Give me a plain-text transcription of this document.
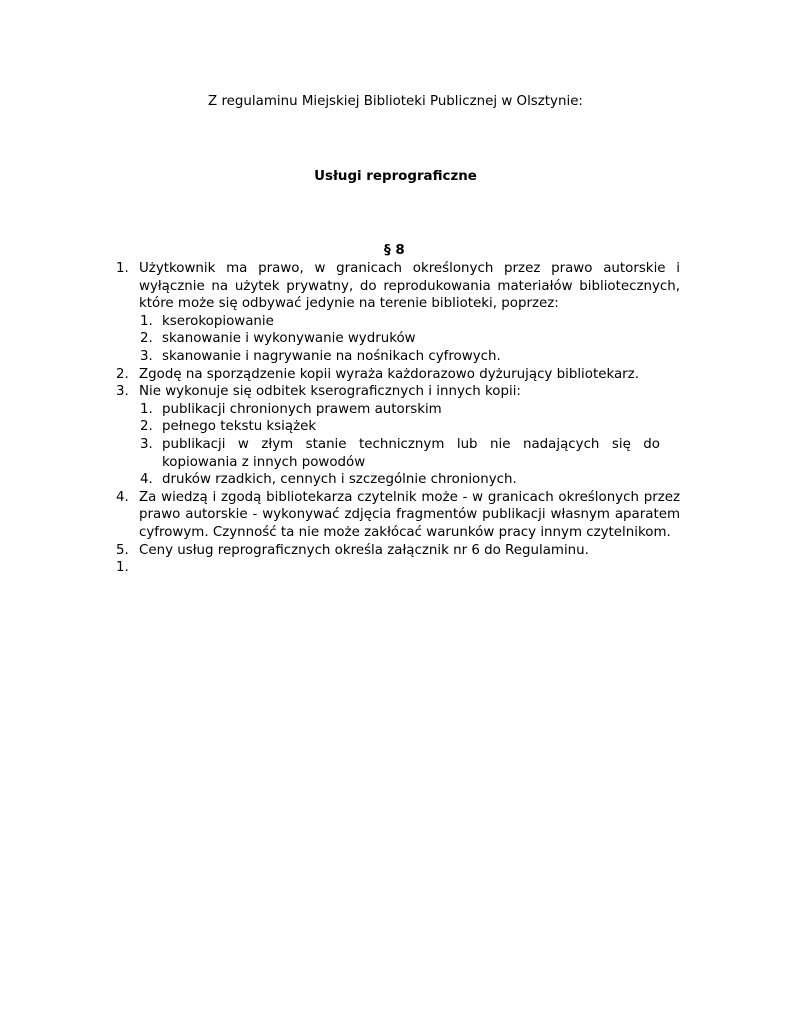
Z regulaminu Miejskiej Biblioteki Publicznej w Olsztynie:

Usługi reprograficzne

§ 8

1. Użytkownik ma prawo, w granicach określonych przez prawo autorskie i wyłącznie na użytek prywatny, do reprodukowania materiałów bibliotecznych, które może się odbywać jedynie na terenie biblioteki, poprzez:
1. kserokopiowanie
2. skanowanie i wykonywanie wydruków
3. skanowanie i nagrywanie na nośnikach cyfrowych.
2. Zgodę na sporządzenie kopii wyraża każdorazowo dyżurujący bibliotekarz.
3. Nie wykonuje się odbitek kserograficznych i innych kopii:
1. publikacji chronionych prawem autorskim
2. pełnego tekstu książek
3. publikacji w złym stanie technicznym lub nie nadających się do kopiowania z innych powodów
4. druków rzadkich, cennych i szczególnie chronionych.
4. Za wiedzą i zgodą bibliotekarza czytelnik może - w granicach określonych przez prawo autorskie - wykonywać zdjęcia fragmentów publikacji własnym aparatem cyfrowym. Czynność ta nie może zakłócać warunków pracy innym czytelnikom.
5. Ceny usług reprograficznych określa załącznik nr 6 do Regulaminu.
1.
